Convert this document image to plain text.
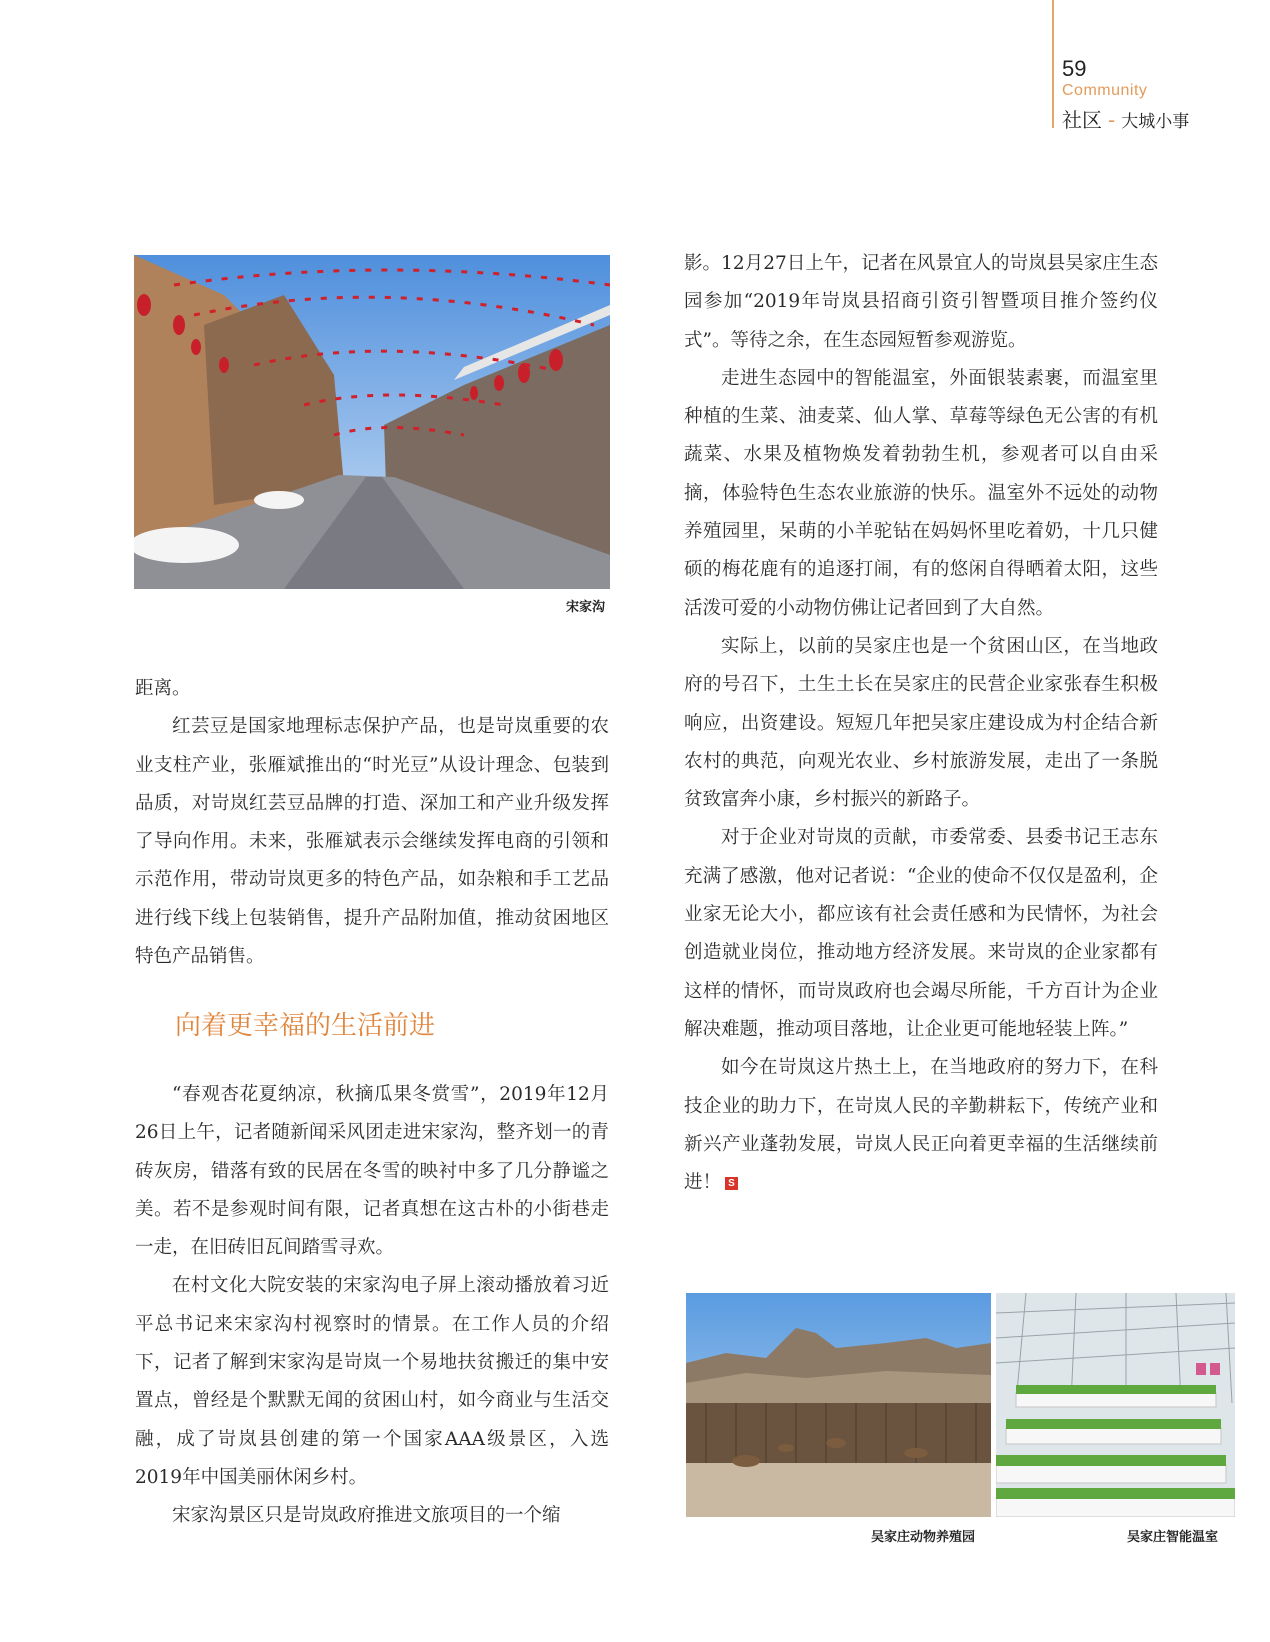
59
Community
社区 - 大城小事
宋家沟

距离。

红芸豆是国家地理标志保护产品，也是岢岚重要的农业支柱产业，张雁斌推出的“时光豆”从设计理念、包装到品质，对岢岚红芸豆品牌的打造、深加工和产业升级发挥了导向作用。未来，张雁斌表示会继续发挥电商的引领和示范作用，带动岢岚更多的特色产品，如杂粮和手工艺品进行线下线上包装销售，提升产品附加值，推动贫困地区特色产品销售。

向着更幸福的生活前进

“春观杏花夏纳凉，秋摘瓜果冬赏雪”，2019年12月26日上午，记者随新闻采风团走进宋家沟，整齐划一的青砖灰房，错落有致的民居在冬雪的映衬中多了几分静谧之美。若不是参观时间有限，记者真想在这古朴的小街巷走一走，在旧砖旧瓦间踏雪寻欢。

在村文化大院安装的宋家沟电子屏上滚动播放着习近平总书记来宋家沟村视察时的情景。在工作人员的介绍下，记者了解到宋家沟是岢岚一个易地扶贫搬迁的集中安置点，曾经是个默默无闻的贫困山村，如今商业与生活交融，成了岢岚县创建的第一个国家AAA级景区，入选2019年中国美丽休闲乡村。

宋家沟景区只是岢岚政府推进文旅项目的一个缩

影。12月27日上午，记者在风景宜人的岢岚县吴家庄生态园参加“2019年岢岚县招商引资引智暨项目推介签约仪式”。等待之余，在生态园短暂参观游览。

走进生态园中的智能温室，外面银装素裹，而温室里种植的生菜、油麦菜、仙人掌、草莓等绿色无公害的有机蔬菜、水果及植物焕发着勃勃生机，参观者可以自由采摘，体验特色生态农业旅游的快乐。温室外不远处的动物养殖园里，呆萌的小羊驼钻在妈妈怀里吃着奶，十几只健硕的梅花鹿有的追逐打闹，有的悠闲自得晒着太阳，这些活泼可爱的小动物仿佛让记者回到了大自然。

实际上，以前的吴家庄也是一个贫困山区，在当地政府的号召下，土生土长在吴家庄的民营企业家张春生积极响应，出资建设。短短几年把吴家庄建设成为村企结合新农村的典范，向观光农业、乡村旅游发展，走出了一条脱贫致富奔小康，乡村振兴的新路子。

对于企业对岢岚的贡献，市委常委、县委书记王志东充满了感激，他对记者说：“企业的使命不仅仅是盈利，企业家无论大小，都应该有社会责任感和为民情怀，为社会创造就业岗位，推动地方经济发展。来岢岚的企业家都有这样的情怀，而岢岚政府也会竭尽所能，千方百计为企业解决难题，推动项目落地，让企业更可能地轻装上阵。”

如今在岢岚这片热土上，在当地政府的努力下，在科技企业的助力下，在岢岚人民的辛勤耕耘下，传统产业和新兴产业蓬勃发展，岢岚人民正向着更幸福的生活继续前进！ S

吴家庄动物养殖园	吴家庄智能温室
